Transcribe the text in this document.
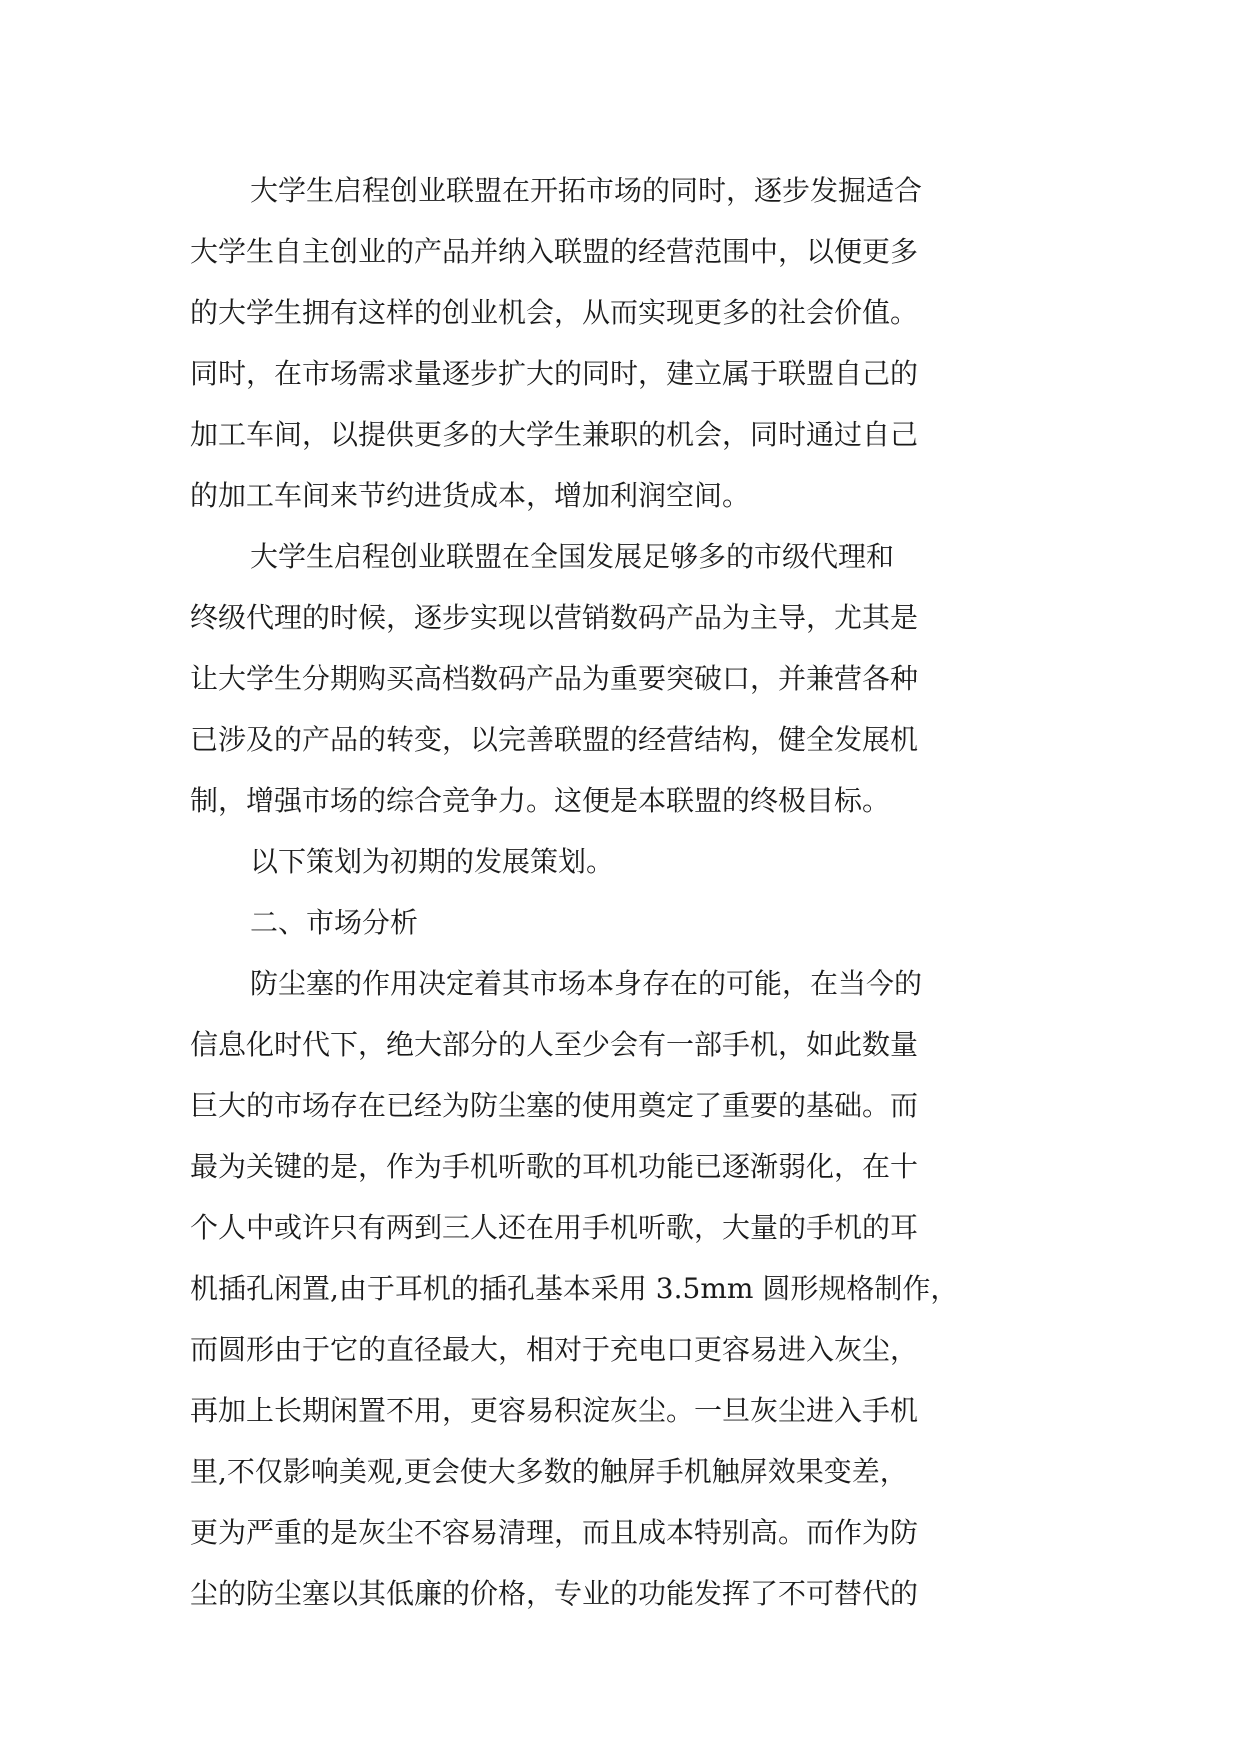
大学生启程创业联盟在开拓市场的同时，逐步发掘适合
大学生自主创业的产品并纳入联盟的经营范围中，以便更多
的大学生拥有这样的创业机会，从而实现更多的社会价值。
同时，在市场需求量逐步扩大的同时，建立属于联盟自己的
加工车间，以提供更多的大学生兼职的机会，同时通过自己
的加工车间来节约进货成本，增加利润空间。
大学生启程创业联盟在全国发展足够多的市级代理和
终级代理的时候，逐步实现以营销数码产品为主导，尤其是
让大学生分期购买高档数码产品为重要突破口，并兼营各种
已涉及的产品的转变，以完善联盟的经营结构，健全发展机
制，增强市场的综合竞争力。这便是本联盟的终极目标。
以下策划为初期的发展策划。
二、市场分析
防尘塞的作用决定着其市场本身存在的可能，在当今的
信息化时代下，绝大部分的人至少会有一部手机，如此数量
巨大的市场存在已经为防尘塞的使用奠定了重要的基础。而
最为关键的是，作为手机听歌的耳机功能已逐渐弱化，在十
个人中或许只有两到三人还在用手机听歌，大量的手机的耳
机插孔闲置,由于耳机的插孔基本采用 3.5mm 圆形规格制作，
而圆形由于它的直径最大，相对于充电口更容易进入灰尘，
再加上长期闲置不用，更容易积淀灰尘。一旦灰尘进入手机
里,不仅影响美观,更会使大多数的触屏手机触屏效果变差，
更为严重的是灰尘不容易清理，而且成本特别高。而作为防
尘的防尘塞以其低廉的价格，专业的功能发挥了不可替代的
